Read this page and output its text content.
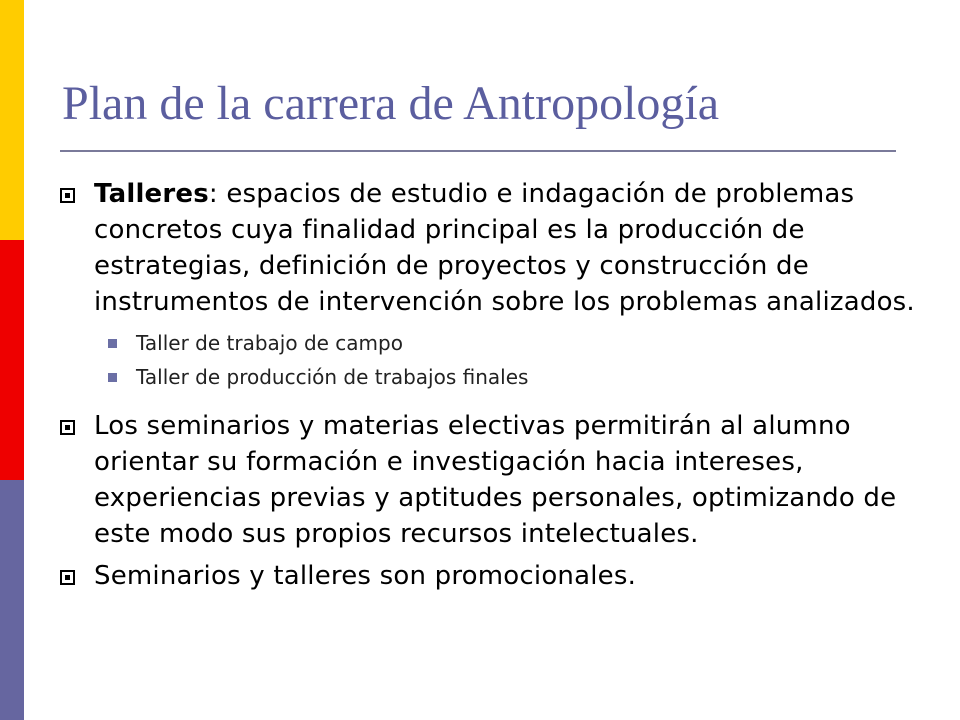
Plan de la carrera de Antropología
Talleres: espacios de estudio e indagación de problemas concretos cuya finalidad principal es la producción de estrategias, definición de proyectos y construcción de instrumentos de intervención sobre los problemas analizados.
Taller de trabajo de campo
Taller de producción de trabajos finales
Los seminarios y materias electivas permitirán al alumno orientar su formación e investigación hacia intereses, experiencias previas y aptitudes personales, optimizando de este modo sus propios recursos intelectuales.
Seminarios y talleres son promocionales.
